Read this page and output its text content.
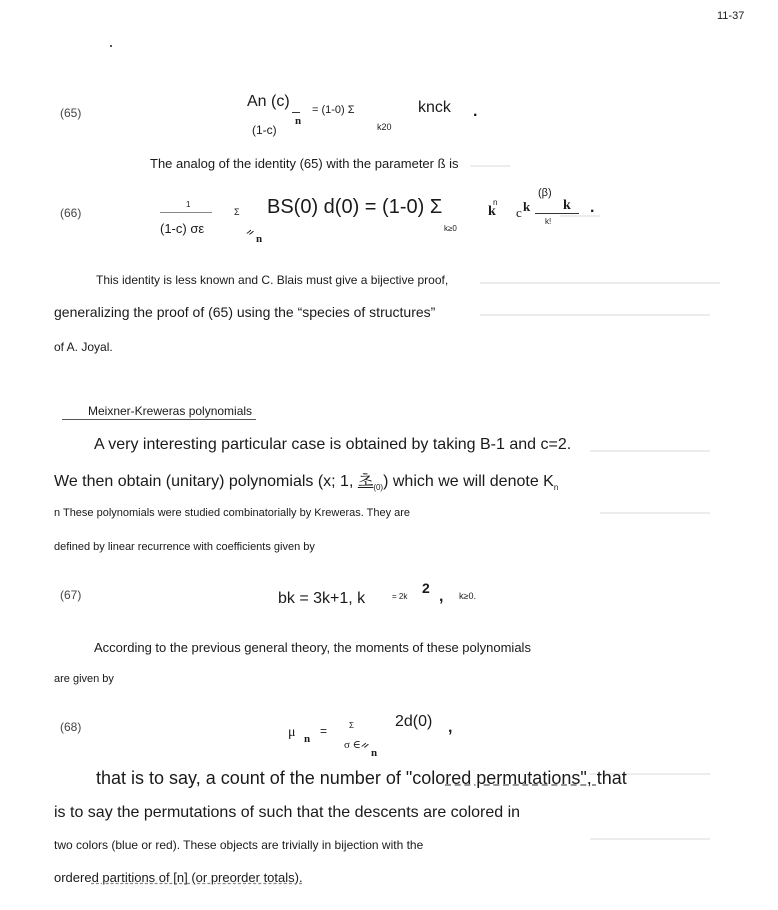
11-37
(65)
An (c)
(1-c)
n
= (1-0) Σ
k20
knck .
The analog of the identity (65) with the parameter ß is
(66)
1
(1-c) σε
Σ
ᨀ
n
BS(0) d(0) = (1-0) Σ
k≥0
k
n
c k
(β)
k
k!
.
This identity is less known and C. Blais must give a bijective proof,
generalizing the proof of (65) using the “species of structures”
of A. Joyal.
Meixner-Kreweras polynomials
A very interesting particular case is obtained by taking B-1 and c=2.
We then obtain (unitary) polynomials (x; 1, 초$_{(0)}$) which we will denote $K_n$
n These polynomials were studied combinatorially by Kreweras. They are
defined by linear recurrence with coefficients given by
(67)	bk = 3k+1, k	= 2k
2 , k≥0.
According to the previous general theory, the moments of these polynomials
are given by
(68)	μ n
=	Σ
σ ∈ᨀ
n
2d(0) ,
that is to say, a count of the number of "colored permutations", that
is to say the permutations of such that the descents are colored in
two colors (blue or red). These objects are trivially in bijection with the
ordered partitions of [n] (or preorder totals).
